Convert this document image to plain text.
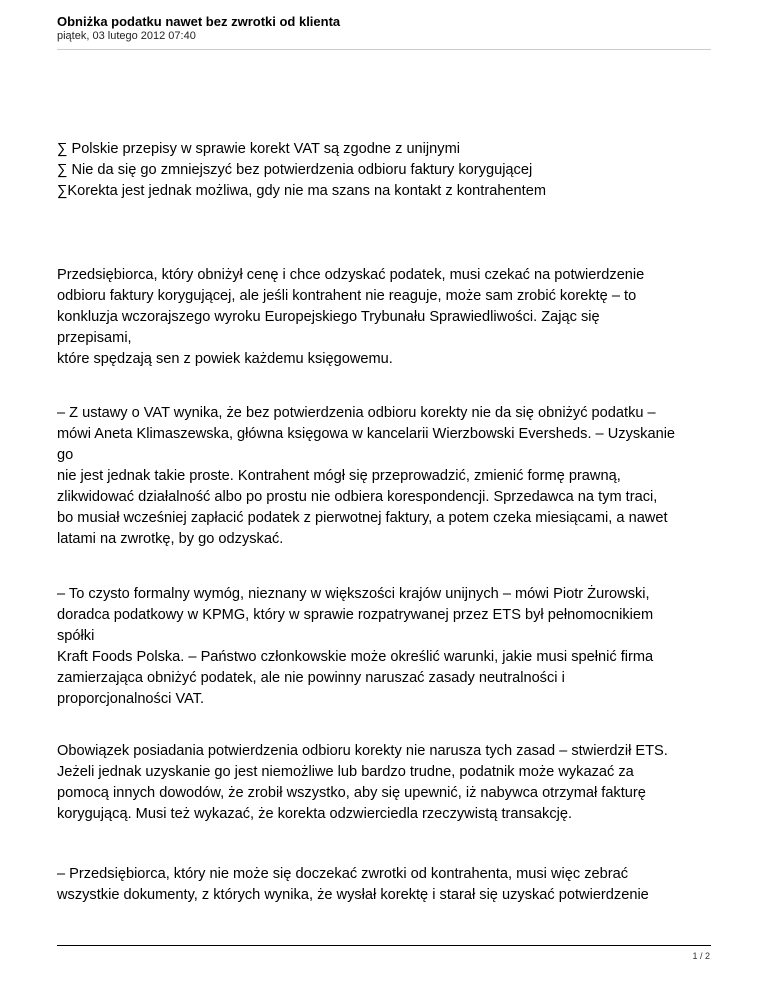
Obniżka podatku nawet bez zwrotki od klienta
piątek, 03 lutego 2012 07:40
∑ Polskie przepisy w sprawie korekt VAT są zgodne z unijnymi
∑ Nie da się go zmniejszyć bez potwierdzenia odbioru faktury korygującej
∑Korekta jest jednak możliwa, gdy nie ma szans na kontakt z kontrahentem
Przedsiębiorca, który obniżył cenę i chce odzyskać podatek, musi czekać na potwierdzenie
odbioru faktury korygującej, ale jeśli kontrahent nie reaguje, może sam zrobić korektę – to
konkluzja wczorajszego wyroku Europejskiego Trybunału Sprawiedliwości. Zając się
przepisami,
które spędzają sen z powiek każdemu księgowemu.
– Z ustawy o VAT wynika, że bez potwierdzenia odbioru korekty nie da się obniżyć podatku –
mówi Aneta Klimaszewska, główna księgowa w kancelarii Wierzbowski Eversheds. – Uzyskanie
go
nie jest jednak takie proste. Kontrahent mógł się przeprowadzić, zmienić formę prawną,
zlikwidować działalność albo po prostu nie odbiera korespondencji. Sprzedawca na tym traci,
bo musiał wcześniej zapłacić podatek z pierwotnej faktury, a potem czeka miesiącami, a nawet
latami na zwrotkę, by go odzyskać.
– To czysto formalny wymóg, nieznany w większości krajów unijnych – mówi Piotr Żurowski,
doradca podatkowy w KPMG, który w sprawie rozpatrywanej przez ETS był pełnomocnikiem
spółki
Kraft Foods Polska. – Państwo członkowskie może określić warunki, jakie musi spełnić firma
zamierzająca obniżyć podatek, ale nie powinny naruszać zasady neutralności i
proporcjonalności VAT.
Obowiązek posiadania potwierdzenia odbioru korekty nie narusza tych zasad – stwierdził ETS.
Jeżeli jednak uzyskanie go jest niemożliwe lub bardzo trudne, podatnik może wykazać za
pomocą innych dowodów, że zrobił wszystko, aby się upewnić, iż nabywca otrzymał fakturę
korygującą. Musi też wykazać, że korekta odzwierciedla rzeczywistą transakcję.
– Przedsiębiorca, który nie może się doczekać zwrotki od kontrahenta, musi więc zebrać
wszystkie dokumenty, z których wynika, że wysłał korektę i starał się uzyskać potwierdzenie
1 / 2
